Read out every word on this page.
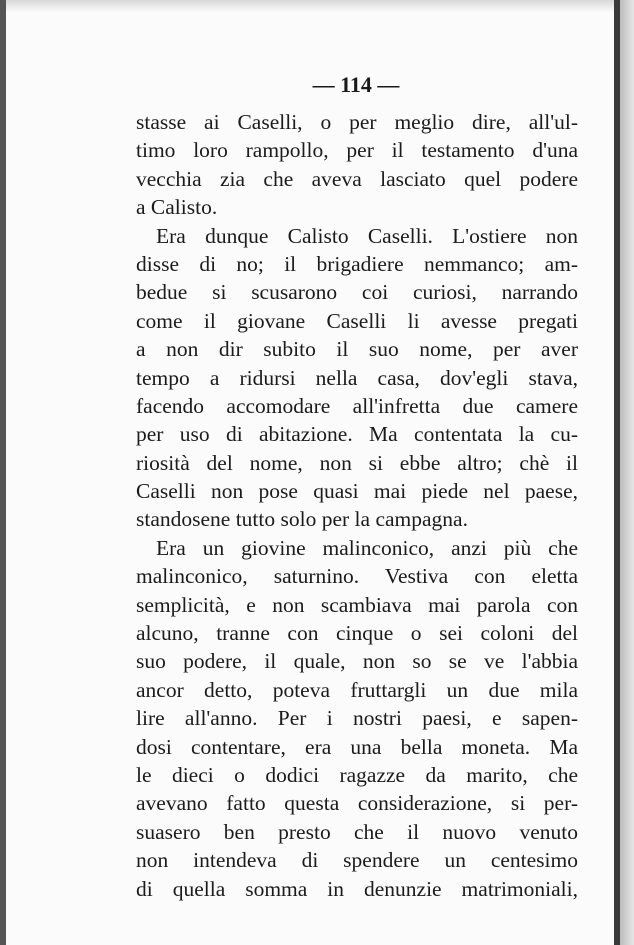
— 114 —
stasse ai Caselli, o per meglio dire, all'ul-
timo loro rampollo, per il testamento d'una
vecchia zia che aveva lasciato quel podere
a Calisto.
Era dunque Calisto Caselli. L'ostiere non
disse di no; il brigadiere nemmanco; am-
bedue si scusarono coi curiosi, narrando
come il giovane Caselli li avesse pregati
a non dir subito il suo nome, per aver
tempo a ridursi nella casa, dov'egli stava,
facendo accomodare all'infretta due camere
per uso di abitazione. Ma contentata la cu-
riosità del nome, non si ebbe altro; chè il
Caselli non pose quasi mai piede nel paese,
standosene tutto solo per la campagna.
Era un giovine malinconico, anzi più che
malinconico, saturnino. Vestiva con eletta
semplicità, e non scambiava mai parola con
alcuno, tranne con cinque o sei coloni del
suo podere, il quale, non so se ve l'abbia
ancor detto, poteva fruttargli un due mila
lire all'anno. Per i nostri paesi, e sapen-
dosi contentare, era una bella moneta. Ma
le dieci o dodici ragazze da marito, che
avevano fatto questa considerazione, si per-
suasero ben presto che il nuovo venuto
non intendeva di spendere un centesimo
di quella somma in denunzie matrimoniali,
